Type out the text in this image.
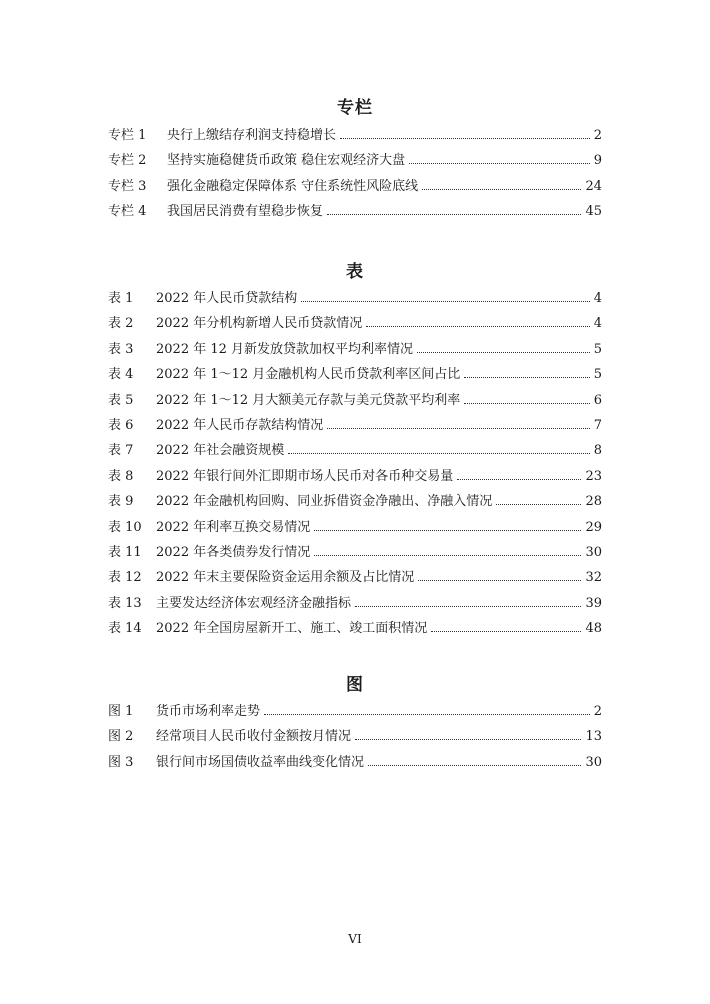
专栏
专栏 1	央行上缴结存利润支持稳增长	2
专栏 2	坚持实施稳健货币政策 稳住宏观经济大盘	9
专栏 3	强化金融稳定保障体系 守住系统性风险底线	24
专栏 4	我国居民消费有望稳步恢复	45
表
表 1	2022 年人民币贷款结构	4
表 2	2022 年分机构新增人民币贷款情况	4
表 3	2022 年 12 月新发放贷款加权平均利率情况	5
表 4	2022 年 1～12 月金融机构人民币贷款利率区间占比	5
表 5	2022 年 1～12 月大额美元存款与美元贷款平均利率	6
表 6	2022 年人民币存款结构情况	7
表 7	2022 年社会融资规模	8
表 8	2022 年银行间外汇即期市场人民币对各币种交易量	23
表 9	2022 年金融机构回购、同业拆借资金净融出、净融入情况	28
表 10	2022 年利率互换交易情况	29
表 11	2022 年各类债券发行情况	30
表 12	2022 年末主要保险资金运用余额及占比情况	32
表 13	主要发达经济体宏观经济金融指标	39
表 14	2022 年全国房屋新开工、施工、竣工面积情况	48
图
图 1	货币市场利率走势	2
图 2	经常项目人民币收付金额按月情况	13
图 3	银行间市场国债收益率曲线变化情况	30
VI
